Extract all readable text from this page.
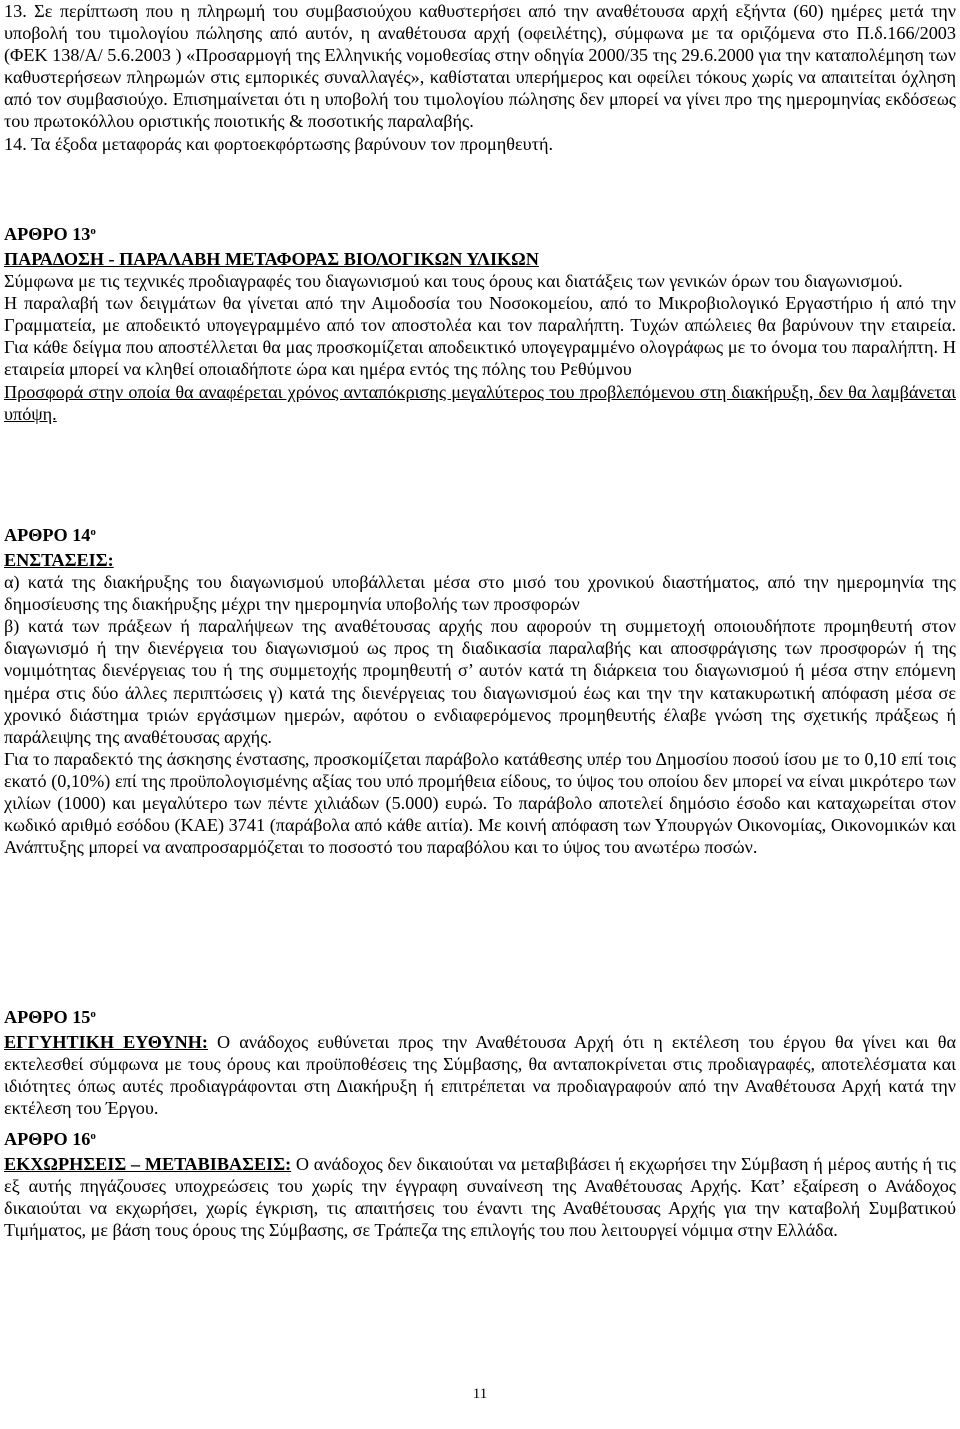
13. Σε περίπτωση που η πληρωμή του συμβασιούχου καθυστερήσει από την αναθέτουσα αρχή εξήντα (60) ημέρες μετά την υποβολή του τιμολογίου πώλησης από αυτόν, η αναθέτουσα αρχή (οφειλέτης), σύμφωνα με τα οριζόμενα στο Π.δ.166/2003 (ΦΕΚ 138/Α/ 5.6.2003 ) «Προσαρμογή της Ελληνικής νομοθεσίας στην οδηγία 2000/35 της 29.6.2000 για την καταπολέμηση των καθυστερήσεων πληρωμών στις εμπορικές συναλλαγές», καθίσταται υπερήμερος και οφείλει τόκους χωρίς να απαιτείται όχληση από τον συμβασιούχο. Επισημαίνεται ότι η υποβολή του τιμολογίου πώλησης δεν μπορεί να γίνει προ της ημερομηνίας εκδόσεως του πρωτοκόλλου οριστικής ποιοτικής & ποσοτικής παραλαβής.

14. Τα έξοδα μεταφοράς και φορτοεκφόρτωσης βαρύνουν τον προμηθευτή.

ΑΡΘΡΟ $13^o$

ΠΑΡΑΔΟΣΗ - ΠΑΡΑΛΑΒΗ ΜΕΤΑΦΟΡΑΣ ΒΙΟΛΟΓΙΚΩΝ ΥΛΙΚΩΝ

Σύμφωνα με τις τεχνικές προδιαγραφές του διαγωνισμού και τους όρους και διατάξεις των γενικών όρων του διαγωνισμού.

Η παραλαβή των δειγμάτων θα γίνεται από την Αιμοδοσία του Νοσοκομείου, από το Μικροβιολογικό Εργαστήριο ή από την Γραμματεία, με αποδεικτό υπογεγραμμένο από τον αποστολέα και τον παραλήπτη. Τυχών απώλειες θα βαρύνουν την εταιρεία. Για κάθε δείγμα που αποστέλλεται θα μας προσκομίζεται αποδεικτικό υπογεγραμμένο ολογράφως με το όνομα του παραλήπτη. Η εταιρεία μπορεί να κληθεί οποιαδήποτε ώρα και ημέρα εντός της πόλης του Ρεθύμνου

Προσφορά στην οποία θα αναφέρεται χρόνος ανταπόκρισης μεγαλύτερος του προβλεπόμενου στη διακήρυξη, δεν θα λαμβάνεται υπόψη.

ΑΡΘΡΟ $14^o$

ΕΝΣΤΑΣΕΙΣ:

α) κατά της διακήρυξης του διαγωνισμού υποβάλλεται μέσα στο μισό του χρονικού διαστήματος, από την ημερομηνία της δημοσίευσης της διακήρυξης μέχρι την ημερομηνία υποβολής των προσφορών

β) κατά των πράξεων ή παραλήψεων της αναθέτουσας αρχής που αφορούν τη συμμετοχή οποιουδήποτε προμηθευτή στον διαγωνισμό ή την διενέργεια του διαγωνισμού ως προς τη διαδικασία παραλαβής και αποσφράγισης των προσφορών ή της νομιμότητας διενέργειας του ή της συμμετοχής προμηθευτή σ’ αυτόν κατά τη διάρκεια του διαγωνισμού ή μέσα στην επόμενη ημέρα στις δύο άλλες περιπτώσεις γ) κατά της διενέργειας του διαγωνισμού έως και την την κατακυρωτική απόφαση μέσα σε χρονικό διάστημα τριών εργάσιμων ημερών, αφότου ο ενδιαφερόμενος προμηθευτής έλαβε γνώση της σχετικής πράξεως ή παράλειψης της αναθέτουσας αρχής.

Για το παραδεκτό της άσκησης ένστασης, προσκομίζεται παράβολο κατάθεσης υπέρ του Δημοσίου ποσού ίσου με το 0,10 επί τοις εκατό (0,10%) επί της προϋπολογισμένης αξίας του υπό προμήθεια είδους, το ύψος του οποίου δεν μπορεί να είναι μικρότερο των χιλίων (1000) και μεγαλύτερο των πέντε χιλιάδων (5.000) ευρώ. Το παράβολο αποτελεί δημόσιο έσοδο και καταχωρείται στον κωδικό αριθμό εσόδου (ΚΑΕ) 3741 (παράβολα από κάθε αιτία). Με κοινή απόφαση των Υπουργών Οικονομίας, Οικονομικών και Ανάπτυξης μπορεί να αναπροσαρμόζεται το ποσοστό του παραβόλου και το ύψος του ανωτέρω ποσών.

ΑΡΘΡΟ $15^o$

ΕΓΓΥΗΤΙΚΗ ΕΥΘΥΝΗ: Ο ανάδοχος ευθύνεται προς την Αναθέτουσα Αρχή ότι η εκτέλεση του έργου θα γίνει και θα εκτελεσθεί σύμφωνα με τους όρους και προϋποθέσεις της Σύμβασης, θα ανταποκρίνεται στις προδιαγραφές, αποτελέσματα και ιδιότητες όπως αυτές προδιαγράφονται στη Διακήρυξη ή επιτρέπεται να προδιαγραφούν από την Αναθέτουσα Αρχή κατά την εκτέλεση του Έργου.

ΑΡΘΡΟ $16^o$

ΕΚΧΩΡΗΣΕΙΣ – ΜΕΤΑΒΙΒΑΣΕΙΣ: Ο ανάδοχος δεν δικαιούται να μεταβιβάσει ή εκχωρήσει την Σύμβαση ή μέρος αυτής ή τις εξ αυτής πηγάζουσες υποχρεώσεις του χωρίς την έγγραφη συναίνεση της Αναθέτουσας Αρχής. Κατ’ εξαίρεση ο Ανάδοχος δικαιούται να εκχωρήσει, χωρίς έγκριση, τις απαιτήσεις του έναντι της Αναθέτουσας Αρχής για την καταβολή Συμβατικού Τιμήματος, με βάση τους όρους της Σύμβασης, σε Τράπεζα της επιλογής του που λειτουργεί νόμιμα στην Ελλάδα.

11
